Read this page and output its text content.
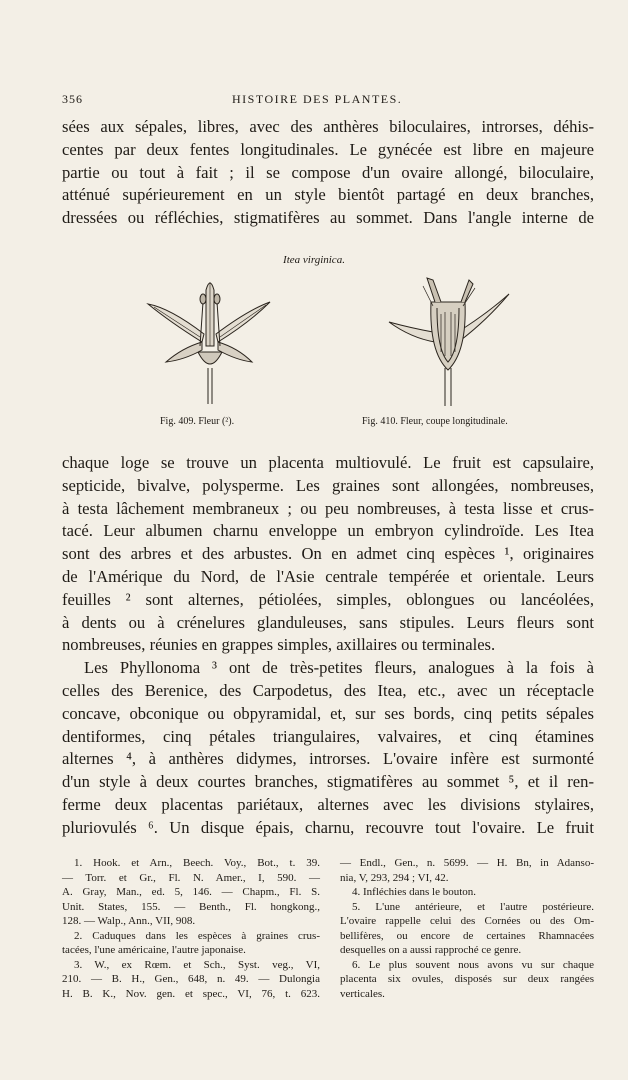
356	HISTOIRE DES PLANTES.
sées aux sépales, libres, avec des anthères biloculaires, introrses, déhis-
centes par deux fentes longitudinales. Le gynécée est libre en majeure
partie ou tout à fait ; il se compose d'un ovaire allongé, biloculaire,
atténué supérieurement en un style bientôt partagé en deux branches,
dressées ou réfléchies, stigmatifères au sommet. Dans l'angle interne de
Itea virginica.
Fig. 409. Fleur (²).	Fig. 410. Fleur, coupe longitudinale.
chaque loge se trouve un placenta multiovulé. Le fruit est capsulaire,
septicide, bivalve, polysperme. Les graines sont allongées, nombreuses,
à testa lâchement membraneux ; ou peu nombreuses, à testa lisse et crus-
tacé. Leur albumen charnu enveloppe un embryon cylindroïde. Les Itea
sont des arbres et des arbustes. On en admet cinq espèces ¹, originaires
de l'Amérique du Nord, de l'Asie centrale tempérée et orientale. Leurs
feuilles ² sont alternes, pétiolées, simples, oblongues ou lancéolées,
à dents ou à crénelures glanduleuses, sans stipules. Leurs fleurs sont
nombreuses, réunies en grappes simples, axillaires ou terminales.
Les Phyllonoma ³ ont de très-petites fleurs, analogues à la fois à
celles des Berenice, des Carpodetus, des Itea, etc., avec un réceptacle
concave, obconique ou obpyramidal, et, sur ses bords, cinq petits sépales
dentiformes, cinq pétales triangulaires, valvaires, et cinq étamines
alternes ⁴, à anthères didymes, introrses. L'ovaire infère est surmonté
d'un style à deux courtes branches, stigmatifères au sommet ⁵, et il ren-
ferme deux placentas pariétaux, alternes avec les divisions stylaires,
pluriovulés ⁶. Un disque épais, charnu, recouvre tout l'ovaire. Le fruit
1. Hook. et Arn., Beech. Voy., Bot., t. 39.
— Torr. et Gr., Fl. N. Amer., I, 590. —
A. Gray, Man., ed. 5, 146. — Chapm., Fl. S.
Unit. States, 155. — Benth., Fl. hongkong.,
128. — Walp., Ann., VII, 908.
2. Caduques dans les espèces à graines crus-
tacées, l'une américaine, l'autre japonaise.
3. W., ex Rœm. et Sch., Syst. veg., VI,
210. — B. H., Gen., 648, n. 49. — Dulongia
H. B. K., Nov. gen. et spec., VI, 76, t. 623.
— Endl., Gen., n. 5699. — H. Bn, in Adanso-
nia, V, 293, 294 ; VI, 42.
4. Infléchies dans le bouton.
5. L'une antérieure, et l'autre postérieure.
L'ovaire rappelle celui des Cornées ou des Om-
bellifères, ou encore de certaines Rhamnacées
desquelles on a aussi rapproché ce genre.
6. Le plus souvent nous avons vu sur chaque
placenta six ovules, disposés sur deux rangées
verticales.
